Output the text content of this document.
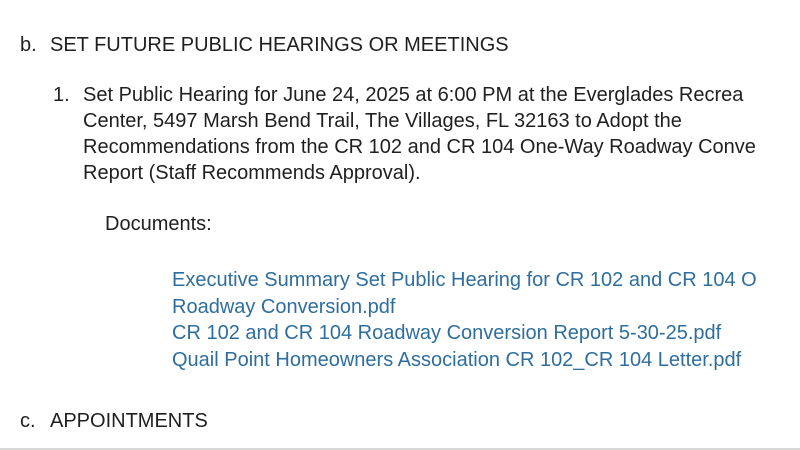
b. SET FUTURE PUBLIC HEARINGS OR MEETINGS
1. Set Public Hearing for June 24, 2025 at 6:00 PM at the Everglades Recrea
Center, 5497 Marsh Bend Trail, The Villages, FL 32163 to Adopt the
Recommendations from the CR 102 and CR 104 One-Way Roadway Conve
Report (Staff Recommends Approval).
Documents:
Executive Summary Set Public Hearing for CR 102 and CR 104 O
Roadway Conversion.pdf
CR 102 and CR 104 Roadway Conversion Report 5-30-25.pdf
Quail Point Homeowners Association CR 102_CR 104 Letter.pdf
c. APPOINTMENTS
